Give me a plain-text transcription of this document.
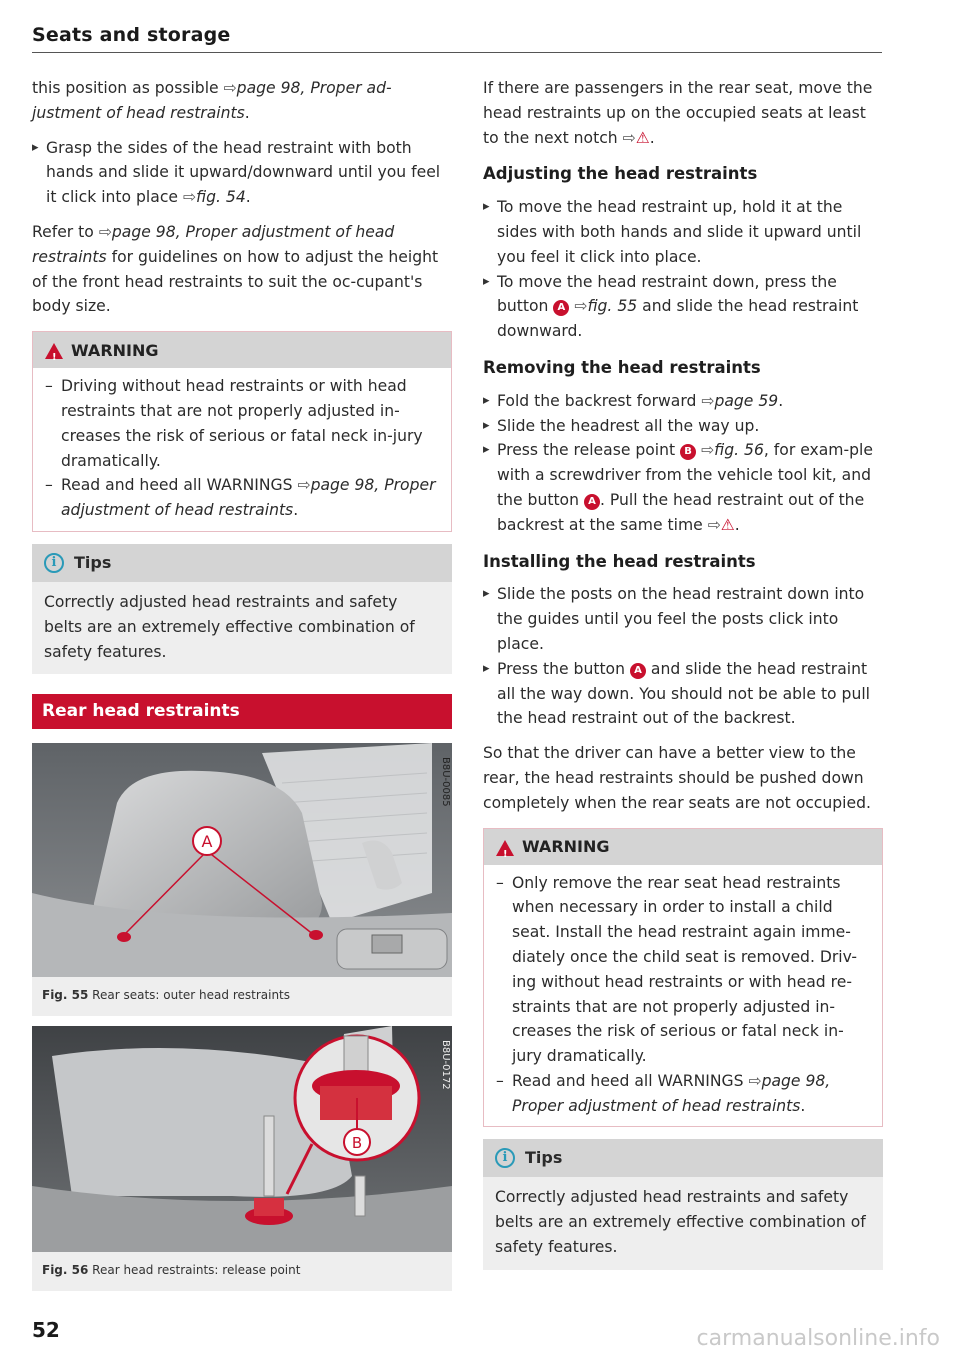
Seats and storage

this position as possible ⇨page 98, Proper ad-justment of head restraints.

▸ Grasp the sides of the head restraint with both hands and slide it upward/downward until you feel it click into place ⇨fig. 54.

Refer to ⇨page 98, Proper adjustment of head restraints for guidelines on how to adjust the height of the front head restraints to suit the oc-cupant's body size.

!
WARNING

– Driving without head restraints or with head restraints that are not properly adjusted in-creases the risk of serious or fatal neck in-jury dramatically.

– Read and heed all WARNINGS ⇨page 98, Proper adjustment of head restraints.

i	Tips
Correctly adjusted head restraints and safety belts are an extremely effective combination of safety features.
Rear head restraints
A
B8U-0085
Fig. 55 Rear seats: outer head restraints
B
B8U-0172
Fig. 56 Rear head restraints: release point

If there are passengers in the rear seat, move the head restraints up on the occupied seats at least to the next notch ⇨⚠.

Adjusting the head restraints

▸ To move the head restraint up, hold it at the sides with both hands and slide it upward until you feel it click into place.

▸ To move the head restraint down, press the button A ⇨fig. 55 and slide the head restraint downward.

Removing the head restraints

▸ Fold the backrest forward ⇨page 59.

▸ Slide the headrest all the way up.

▸ Press the release point B ⇨fig. 56, for exam-ple with a screwdriver from the vehicle tool kit, and the button A . Pull the head restraint out of the backrest at the same time ⇨⚠.

Installing the head restraints

▸ Slide the posts on the head restraint down into the guides until you feel the posts click into place.

▸ Press the button A and slide the head restraint all the way down. You should not be able to pull the head restraint out of the backrest.

So that the driver can have a better view to the rear, the head restraints should be pushed down completely when the rear seats are not occupied.

!
WARNING

– Only remove the rear seat head restraints when necessary in order to install a child seat. Install the head restraint again imme-diately once the child seat is removed. Driv-ing without head restraints or with head re-straints that are not properly adjusted in-creases the risk of serious or fatal neck in-jury dramatically.

– Read and heed all WARNINGS ⇨page 98, Proper adjustment of head restraints.

i	Tips
Correctly adjusted head restraints and safety belts are an extremely effective combination of safety features.
52	carmanualsonline.info
